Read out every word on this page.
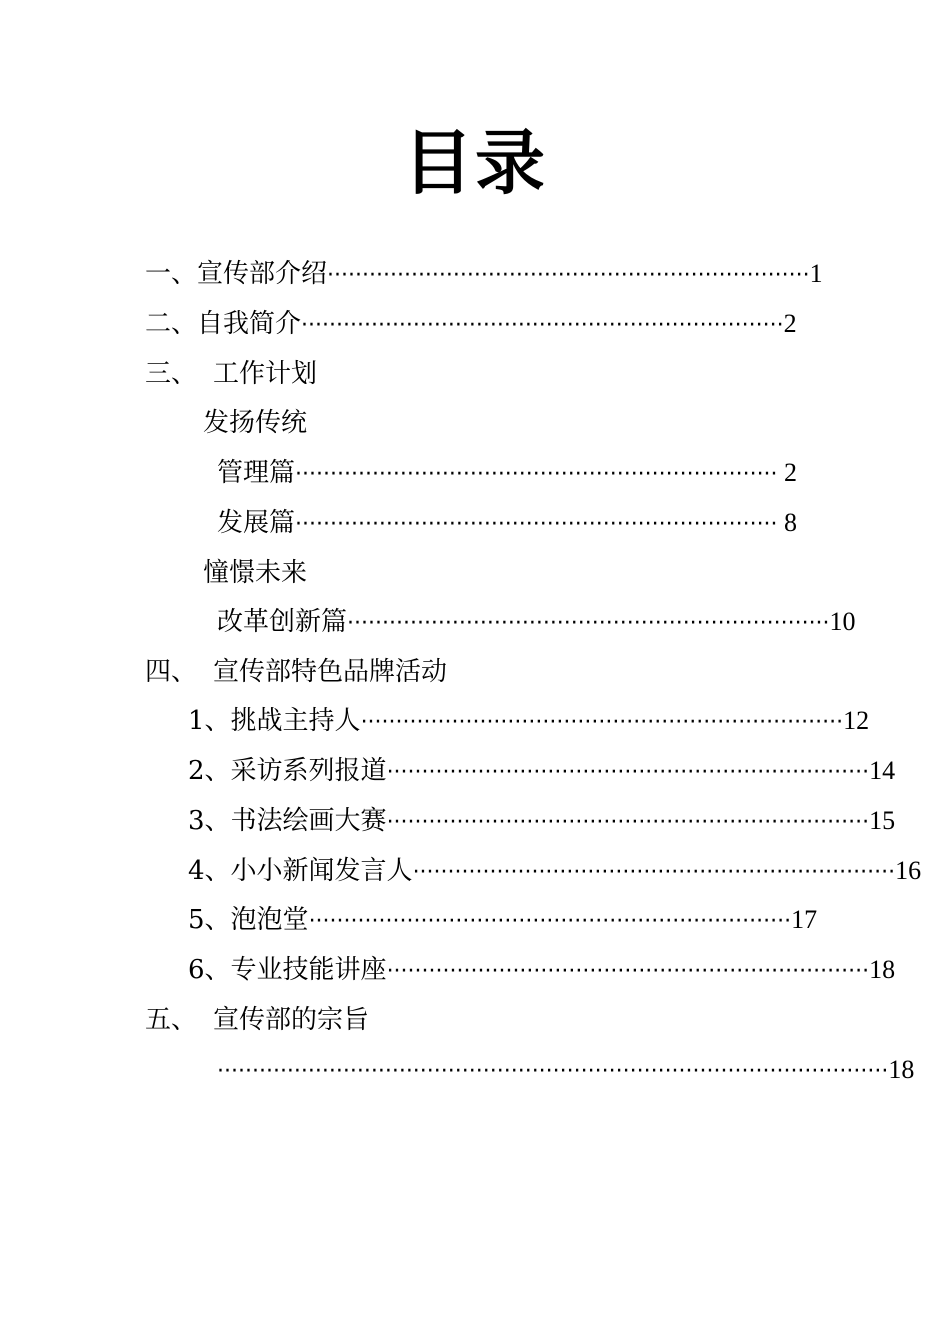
目录
一、 宣传部介绍 ····································································· 1
二、 自我简介 ····································································· 2
三、 工作计划
发扬传统
管理篇 ····································································· 2
发展篇 ····································································· 8
憧憬未来
改革创新篇 ····································································· 10
四、 宣传部特色品牌活动
1、 挑战主持人 ····································································· 12
2、 采访系列报道 ····································································· 14
3、 书法绘画大赛 ····································································· 15
4、 小小新闻发言人 ····································································· 16
5、 泡泡堂 ····································································· 17
6、 专业技能讲座 ····································································· 18
五、 宣传部的宗旨
································································································ 18
